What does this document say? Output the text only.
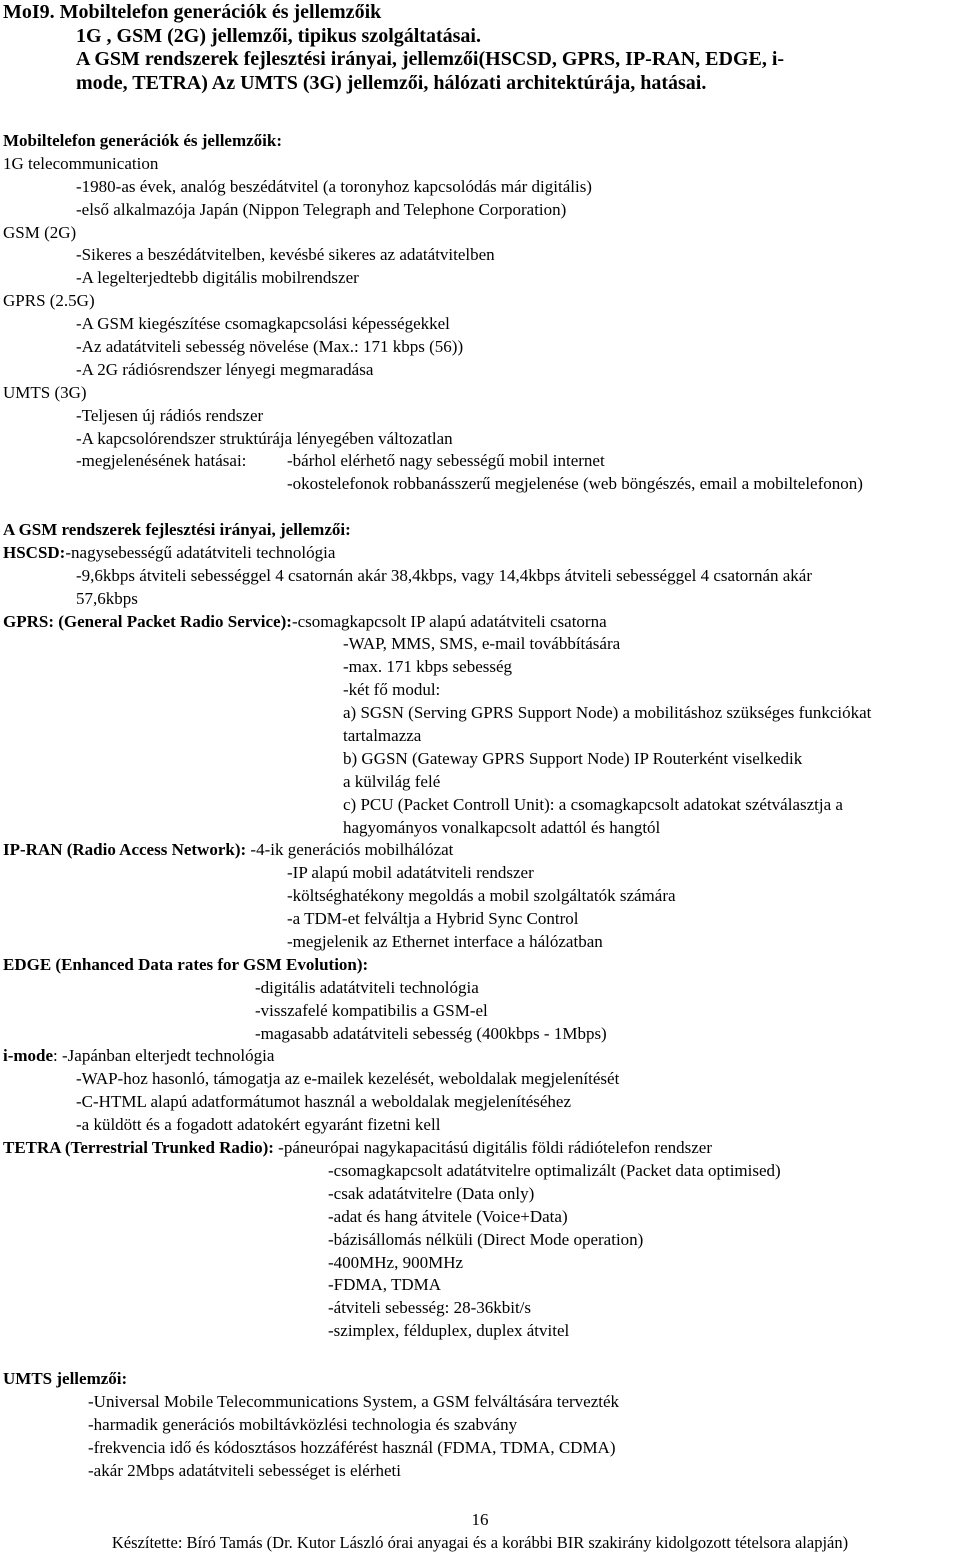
MoI9. Mobiltelefon generációk és jellemzőik
1G , GSM (2G) jellemzői, tipikus szolgáltatásai.
A GSM rendszerek fejlesztési irányai, jellemzői(HSCSD, GPRS, IP-RAN, EDGE, i-
mode, TETRA) Az UMTS (3G) jellemzői, hálózati architektúrája, hatásai.
Mobiltelefon generációk és jellemzőik:
1G telecommunication
-1980-as évek, analóg beszédátvitel (a toronyhoz kapcsolódás már digitális)
-első alkalmazója Japán (Nippon Telegraph and Telephone Corporation)
GSM (2G)
-Sikeres a beszédátvitelben, kevésbé sikeres az adatátvitelben
-A legelterjedtebb digitális mobilrendszer
GPRS (2.5G)
-A GSM kiegészítése csomagkapcsolási képességekkel
-Az adatátviteli sebesség növelése (Max.: 171 kbps (56))
-A 2G rádiósrendszer lényegi megmaradása
UMTS (3G)
-Teljesen új rádiós rendszer
-A kapcsolórendszer struktúrája lényegében változatlan
-megjelenésének hatásai: -bárhol elérhető nagy sebességű mobil internet
-okostelefonok robbanásszerű megjelenése (web böngészés, email a mobiltelefonon)
A GSM rendszerek fejlesztési irányai, jellemzői:
HSCSD:-nagysebességű adatátviteli technológia
-9,6kbps átviteli sebességgel 4 csatornán akár 38,4kbps, vagy 14,4kbps átviteli sebességgel 4 csatornán akár
57,6kbps
GPRS: (General Packet Radio Service):-csomagkapcsolt IP alapú adatátviteli csatorna
-WAP, MMS, SMS, e-mail továbbítására
-max. 171 kbps sebesség
-két fő modul:
a) SGSN (Serving GPRS Support Node) a mobilitáshoz szükséges funkciókat
tartalmazza
b) GGSN (Gateway GPRS Support Node) IP Routerként viselkedik
a külvilág felé
c) PCU (Packet Controll Unit): a csomagkapcsolt adatokat szétválasztja a
hagyományos vonalkapcsolt adattól és hangtól
IP-RAN (Radio Access Network): -4-ik generációs mobilhálózat
-IP alapú mobil adatátviteli rendszer
-költséghatékony megoldás a mobil szolgáltatók számára
-a TDM-et felváltja a Hybrid Sync Control
-megjelenik az Ethernet interface a hálózatban
EDGE (Enhanced Data rates for GSM Evolution):
-digitális adatátviteli technológia
-visszafelé kompatibilis a GSM-el
-magasabb adatátviteli sebesség (400kbps - 1Mbps)
i-mode: -Japánban elterjedt technológia
-WAP-hoz hasonló, támogatja az e-mailek kezelését, weboldalak megjelenítését
-C-HTML alapú adatformátumot használ a weboldalak megjelenítéséhez
-a küldött és a fogadott adatokért egyaránt fizetni kell
TETRA (Terrestrial Trunked Radio): -páneurópai nagykapacitású digitális földi rádiótelefon rendszer
-csomagkapcsolt adatátvitelre optimalizált (Packet data optimised)
-csak adatátvitelre (Data only)
-adat és hang átvitele (Voice+Data)
-bázisállomás nélküli (Direct Mode operation)
-400MHz, 900MHz
-FDMA, TDMA
-átviteli sebesség: 28-36kbit/s
-szimplex, félduplex, duplex átvitel
UMTS jellemzői:
-Universal Mobile Telecommunications System, a GSM felváltására tervezték
-harmadik generációs mobiltávközlési technologia és szabvány
-frekvencia idő és kódosztásos hozzáférést használ (FDMA, TDMA, CDMA)
-akár 2Mbps adatátviteli sebességet is elérheti
16
Készítette: Bíró Tamás (Dr. Kutor László órai anyagai és a korábbi BIR szakirány kidolgozott tételsora alapján)
